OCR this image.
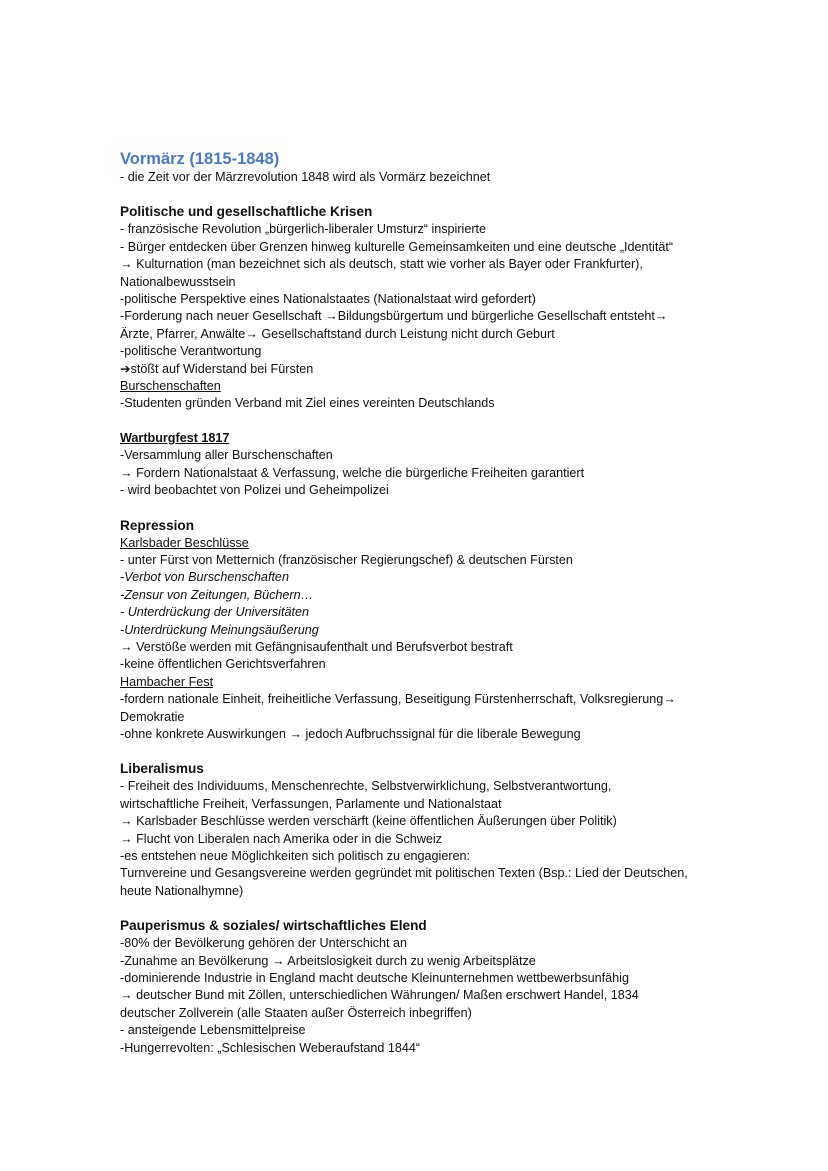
Vormärz (1815-1848)

- die Zeit vor der Märzrevolution 1848 wird als Vormärz bezeichnet

Politische und gesellschaftliche Krisen

- französische Revolution „bürgerlich-liberaler Umsturz“ inspirierte

- Bürger entdecken über Grenzen hinweg kulturelle Gemeinsamkeiten und eine deutsche „Identität“

→ Kulturnation (man bezeichnet sich als deutsch, statt wie vorher als Bayer oder Frankfurter),

Nationalbewusstsein

-politische Perspektive eines Nationalstaates (Nationalstaat wird gefordert)

-Forderung nach neuer Gesellschaft →Bildungsbürgertum und bürgerliche Gesellschaft entsteht→

Ärzte, Pfarrer, Anwälte→ Gesellschaftstand durch Leistung nicht durch Geburt

-politische Verantwortung

➔stößt auf Widerstand bei Fürsten

Burschenschaften

-Studenten gründen Verband mit Ziel eines vereinten Deutschlands

Wartburgfest 1817

-Versammlung aller Burschenschaften

→ Fordern Nationalstaat & Verfassung, welche die bürgerliche Freiheiten garantiert

- wird beobachtet von Polizei und Geheimpolizei

Repression

Karlsbader Beschlüsse

- unter Fürst von Metternich (französischer Regierungschef) & deutschen Fürsten

-Verbot von Burschenschaften

-Zensur von Zeitungen, Büchern…

- Unterdrückung der Universitäten

-Unterdrückung Meinungsäußerung

→ Verstöße werden mit Gefängnisaufenthalt und Berufsverbot bestraft

-keine öffentlichen Gerichtsverfahren

Hambacher Fest

-fordern nationale Einheit, freiheitliche Verfassung, Beseitigung Fürstenherrschaft, Volksregierung→

Demokratie

-ohne konkrete Auswirkungen → jedoch Aufbruchssignal für die liberale Bewegung

Liberalismus

- Freiheit des Individuums, Menschenrechte, Selbstverwirklichung, Selbstverantwortung,

wirtschaftliche Freiheit, Verfassungen, Parlamente und Nationalstaat

→ Karlsbader Beschlüsse werden verschärft (keine öffentlichen Äußerungen über Politik)

→ Flucht von Liberalen nach Amerika oder in die Schweiz

-es entstehen neue Möglichkeiten sich politisch zu engagieren:

Turnvereine und Gesangsvereine werden gegründet mit politischen Texten (Bsp.: Lied der Deutschen,

heute Nationalhymne)

Pauperismus & soziales/ wirtschaftliches Elend

-80% der Bevölkerung gehören der Unterschicht an

-Zunahme an Bevölkerung → Arbeitslosigkeit durch zu wenig Arbeitsplätze

-dominierende Industrie in England macht deutsche Kleinunternehmen wettbewerbsunfähig

→ deutscher Bund mit Zöllen, unterschiedlichen Währungen/ Maßen erschwert Handel, 1834

deutscher Zollverein (alle Staaten außer Österreich inbegriffen)

- ansteigende Lebensmittelpreise

-Hungerrevolten: „Schlesischen Weberaufstand 1844“
